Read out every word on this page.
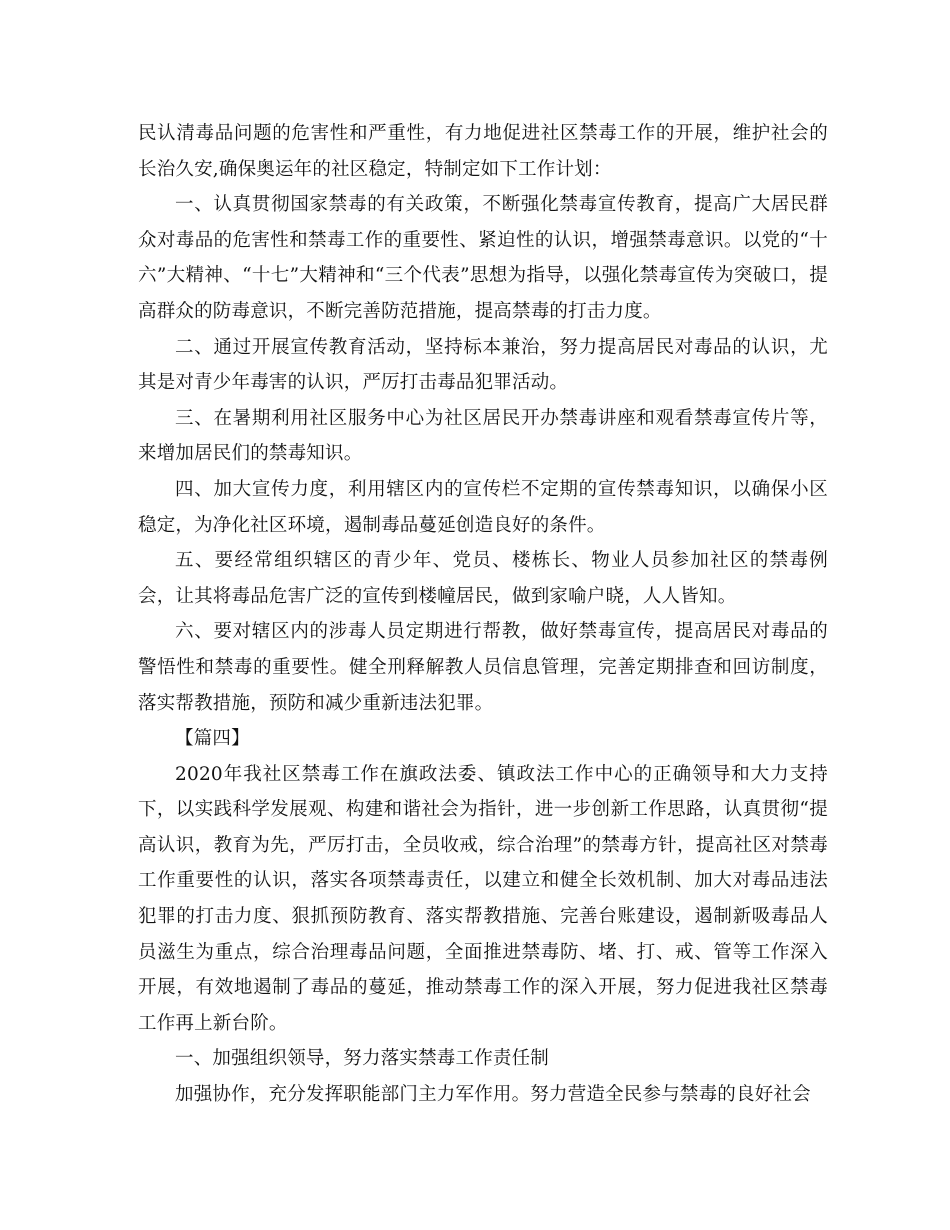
民认清毒品问题的危害性和严重性，有力地促进社区禁毒工作的开展，维护社会的长治久安,确保奥运年的社区稳定，特制定如下工作计划：

一、认真贯彻国家禁毒的有关政策，不断强化禁毒宣传教育，提高广大居民群众对毒品的危害性和禁毒工作的重要性、紧迫性的认识，增强禁毒意识。以党的“十六”大精神、“十七”大精神和“三个代表”思想为指导，以强化禁毒宣传为突破口，提高群众的防毒意识，不断完善防范措施，提高禁毒的打击力度。

二、通过开展宣传教育活动，坚持标本兼治，努力提高居民对毒品的认识，尤其是对青少年毒害的认识，严厉打击毒品犯罪活动。

三、在暑期利用社区服务中心为社区居民开办禁毒讲座和观看禁毒宣传片等，来增加居民们的禁毒知识。

四、加大宣传力度，利用辖区内的宣传栏不定期的宣传禁毒知识，以确保小区稳定，为净化社区环境，遏制毒品蔓延创造良好的条件。

五、要经常组织辖区的青少年、党员、楼栋长、物业人员参加社区的禁毒例会，让其将毒品危害广泛的宣传到楼幢居民，做到家喻户晓，人人皆知。

六、要对辖区内的涉毒人员定期进行帮教，做好禁毒宣传，提高居民对毒品的警悟性和禁毒的重要性。健全刑释解教人员信息管理，完善定期排查和回访制度，落实帮教措施，预防和减少重新违法犯罪。

【篇四】

2020年我社区禁毒工作在旗政法委、镇政法工作中心的正确领导和大力支持下，以实践科学发展观、构建和谐社会为指针，进一步创新工作思路，认真贯彻“提高认识，教育为先，严厉打击，全员收戒，综合治理”的禁毒方针，提高社区对禁毒工作重要性的认识，落实各项禁毒责任，以建立和健全长效机制、加大对毒品违法犯罪的打击力度、狠抓预防教育、落实帮教措施、完善台账建设，遏制新吸毒品人员滋生为重点，综合治理毒品问题，全面推进禁毒防、堵、打、戒、管等工作深入开展，有效地遏制了毒品的蔓延，推动禁毒工作的深入开展，努力促进我社区禁毒工作再上新台阶。

一、加强组织领导，努力落实禁毒工作责任制

加强协作，充分发挥职能部门主力军作用。努力营造全民参与禁毒的良好社会
